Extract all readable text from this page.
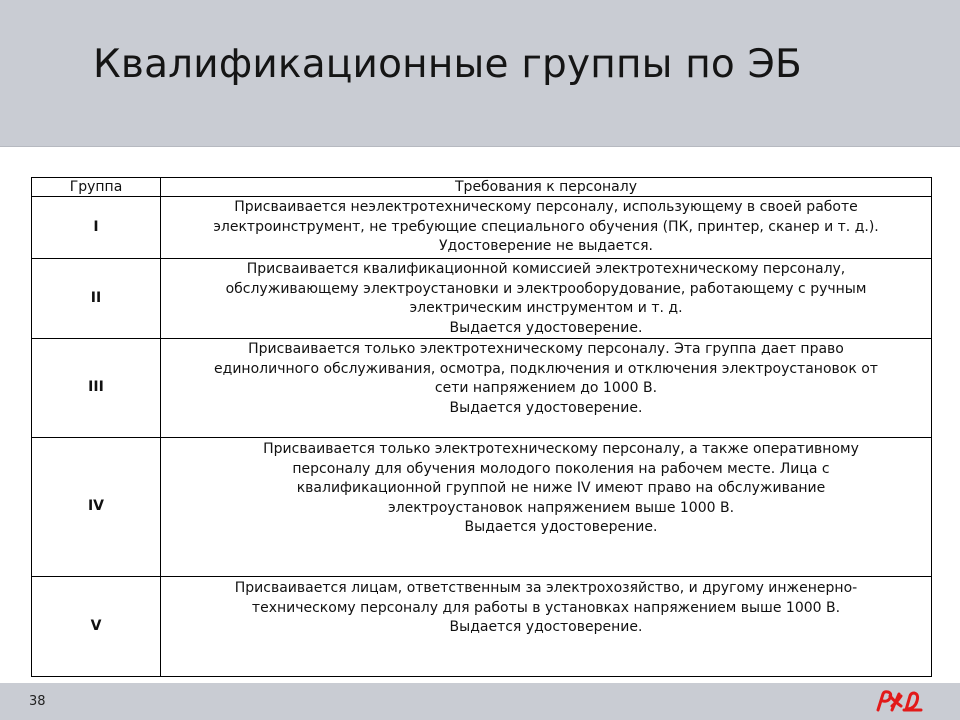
Квалификационные группы по ЭБ
Группа	Требования к персоналу
I	Присваивается неэлектротехническому персоналу, использующему в своей работе
электроинструмент, не требующие специального обучения (ПК, принтер, сканер и т. д.).
Удостоверение не выдается.

II	Присваивается квалификационной комиссией электротехническому персоналу,
обслуживающему электроустановки и электрооборудование, работающему с ручным
электрическим инструментом и т. д.
Выдается удостоверение.

III	Присваивается только электротехническому персоналу. Эта группа дает право
единоличного обслуживания, осмотра, подключения и отключения электроустановок от
сети напряжением до 1000 В.
Выдается удостоверение.

IV	Присваивается только электротехническому персоналу, а также оперативному
персоналу для обучения молодого поколения на рабочем месте. Лица с
квалификационной группой не ниже IV имеют право на обслуживание
электроустановок напряжением выше 1000 В.
Выдается удостоверение.

V	Присваивается лицам, ответственным за электрохозяйство, и другому инженерно-
техническому персоналу для работы в установках напряжением выше 1000 В.
Выдается удостоверение.
38
